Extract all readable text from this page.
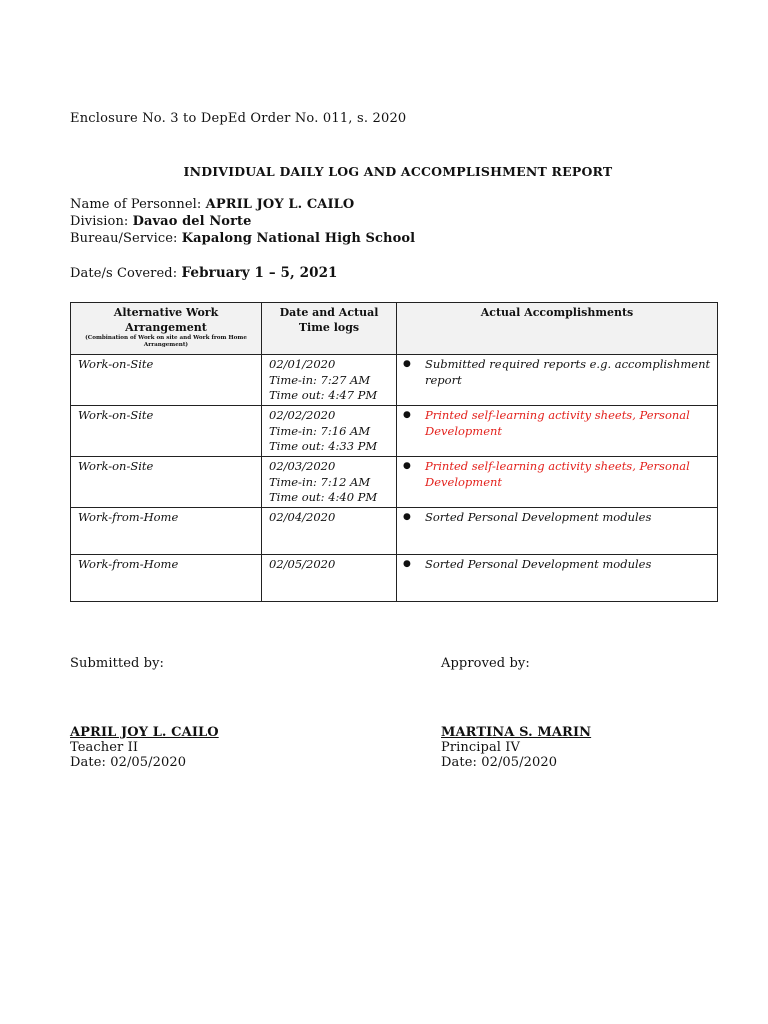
Enclosure No. 3 to DepEd Order No. 011, s. 2020
INDIVIDUAL DAILY LOG AND ACCOMPLISHMENT REPORT
Name of Personnel: APRIL JOY L. CAILO
Division: Davao del Norte
Bureau/Service: Kapalong National High School
Date/s Covered: February 1 – 5, 2021
Alternative Work Arrangement
(Combination of Work on site and Work from Home Arrangement)	Date and Actual Time logs	Actual Accomplishments

Work-on-Site	02/01/2020
Time-in: 7:27 AM
Time out: 4:47 PM	● Submitted required reports e.g. accomplishment report

Work-on-Site	02/02/2020
Time-in: 7:16 AM
Time out: 4:33 PM	● Printed self-learning activity sheets, Personal Development

Work-on-Site	02/03/2020
Time-in: 7:12 AM
Time out: 4:40 PM	● Printed self-learning activity sheets, Personal Development

Work-from-Home	02/04/2020	● Sorted Personal Development modules

Work-from-Home	02/05/2020	● Sorted Personal Development modules
Submitted by:	Approved by:
APRIL JOY L. CAILO
Teacher II
Date: 02/05/2020
MARTINA S. MARIN
Principal IV
Date: 02/05/2020
